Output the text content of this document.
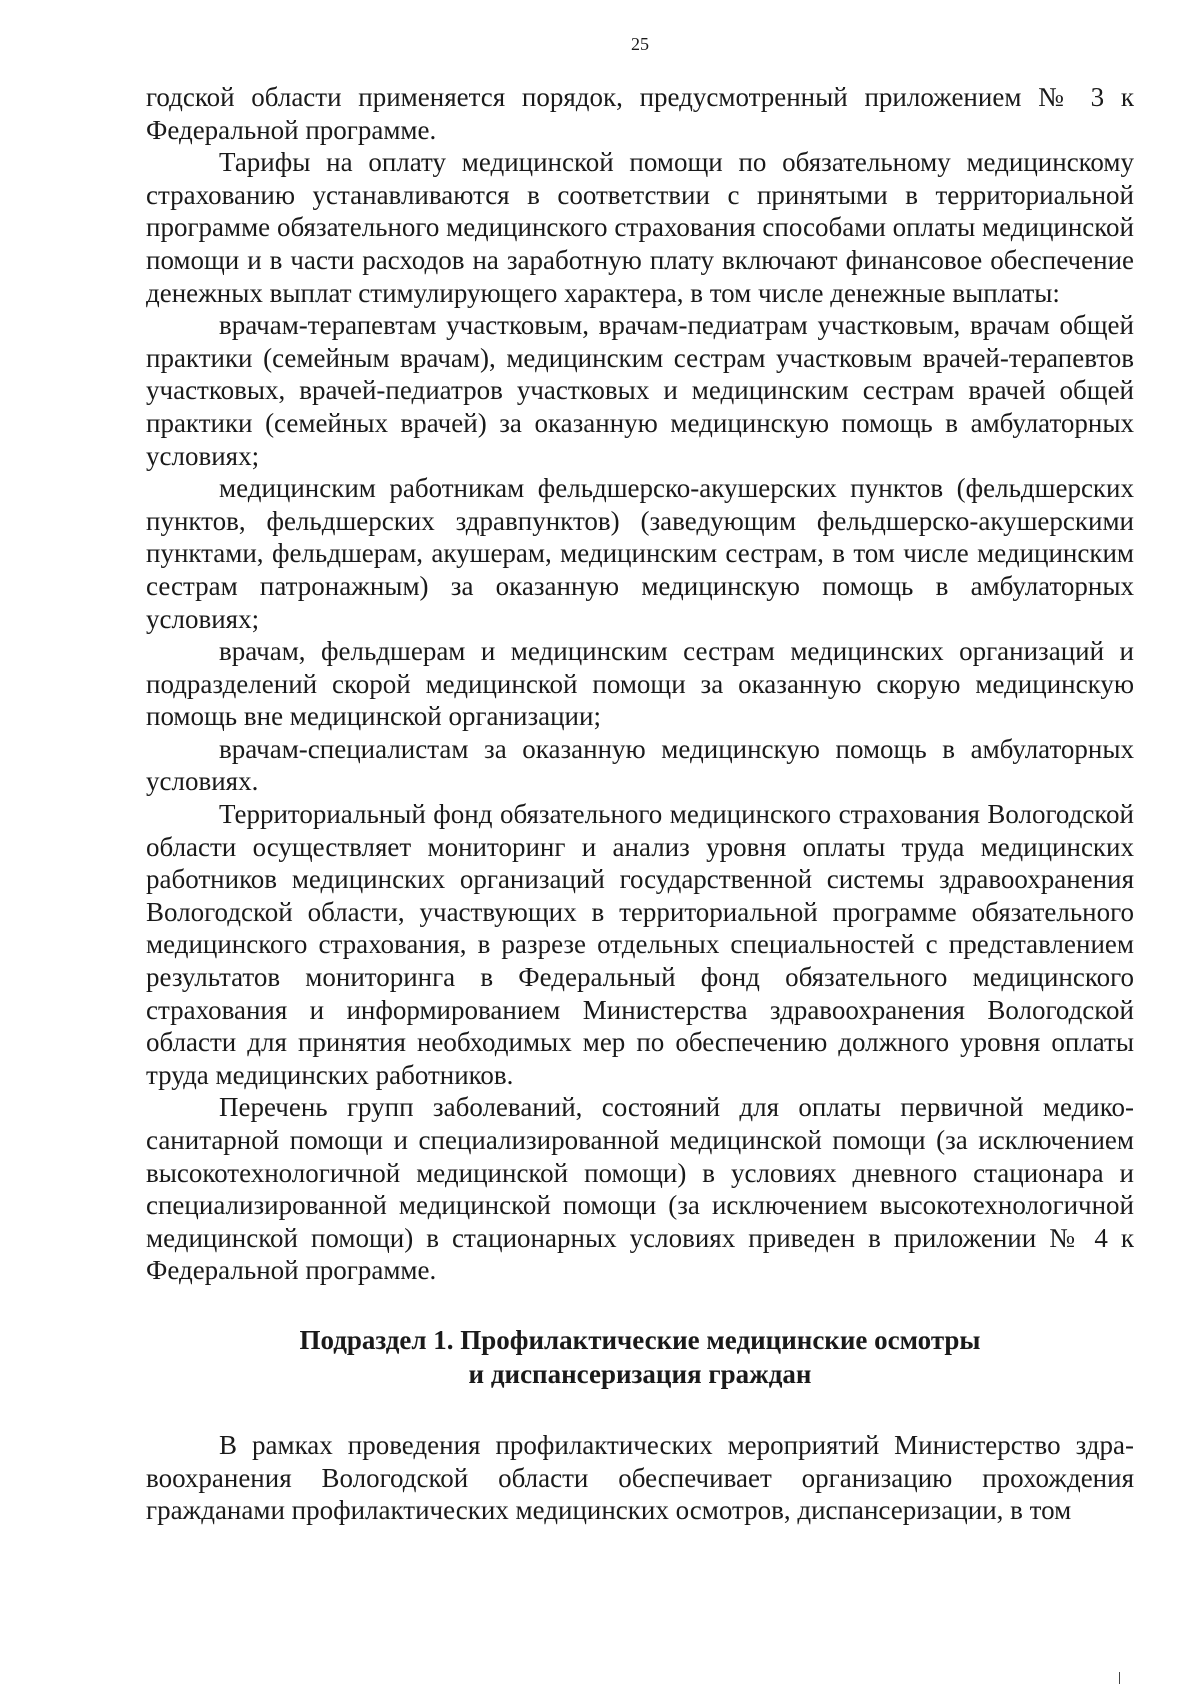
25

годской области применяется порядок, предусмотренный приложением № 3 к Федеральной программе.

Тарифы на оплату медицинской помощи по обязательному медицинскому страхованию устанавливаются в соответствии с принятыми в территориальной программе обязательного медицинского страхования способами оплаты медицинской помощи и в части расходов на заработную плату включают финансовое обеспечение денежных выплат стимулирующего характера, в том числе денежные выплаты:

врачам-терапевтам участковым, врачам-педиатрам участковым, врачам общей практики (семейным врачам), медицинским сестрам участковым врачей-терапевтов участковых, врачей-педиатров участковых и медицинским сестрам врачей общей практики (семейных врачей) за оказанную медицинскую помощь в амбулаторных условиях;

медицинским работникам фельдшерско-акушерских пунктов (фельдшерских пунктов, фельдшерских здравпунктов) (заведующим фельдшерско-акушерскими пунктами, фельдшерам, акушерам, медицинским сестрам, в том числе медицинским сестрам патронажным) за оказанную медицинскую помощь в амбулаторных условиях;

врачам, фельдшерам и медицинским сестрам медицинских организаций и подразделений скорой медицинской помощи за оказанную скорую медицинскую помощь вне медицинской организации;

врачам-специалистам за оказанную медицинскую помощь в амбулаторных условиях.

Территориальный фонд обязательного медицинского страхования Вологодской области осуществляет мониторинг и анализ уровня оплаты труда медицинских работников медицинских организаций государственной системы здравоохранения Вологодской области, участвующих в территориальной программе обязательного медицинского страхования, в разрезе отдельных специальностей с представлением результатов мониторинга в Федеральный фонд обязательного медицинского страхования и информированием Министерства здравоохранения Вологодской области для принятия необходимых мер по обеспечению должного уровня оплаты труда медицинских работников.

Перечень групп заболеваний, состояний для оплаты первичной медико-санитарной помощи и специализированной медицинской помощи (за исключением высокотехнологичной медицинской помощи) в условиях дневного стационара и специализированной медицинской помощи (за исключением высокотехнологичной медицинской помощи) в стационарных условиях приведен в приложении № 4 к Федеральной программе.

Подраздел 1. Профилактические медицинские осмотры
и диспансеризация граждан

В рамках проведения профилактических мероприятий Министерство здравоохранения Вологодской области обеспечивает организацию прохождения гражданами профилактических медицинских осмотров, диспансеризации, в том
